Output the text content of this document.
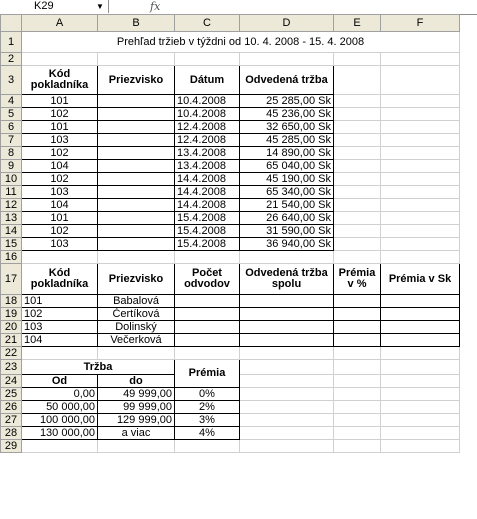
K29	▼	fx
	A	B	C	D	E	F
1	Prehľad tržieb v týždni od 10. 4. 2008 - 15. 4. 2008					
2						
3	Kód pokladníka	Priezvisko	Dátum	Odvedená tržba		
4	101		10.4.2008	25 285,00 Sk		
5	102		10.4.2008	45 236,00 Sk		
6	101		12.4.2008	32 650,00 Sk		
7	103		12.4.2008	45 285,00 Sk		
8	102		13.4.2008	14 890,00 Sk		
9	104		13.4.2008	65 040,00 Sk		
10	102		14.4.2008	45 190,00 Sk		
11	103		14.4.2008	65 340,00 Sk		
12	104		14.4.2008	21 540,00 Sk		
13	101		15.4.2008	26 640,00 Sk		
14	102		15.4.2008	31 590,00 Sk		
15	103		15.4.2008	36 940,00 Sk		
16						
17	Kód pokladníka	Priezvisko	Počet odvodov	Odvedená tržba spolu	Prémia v %	Prémia v Sk
18	101	Babalová				
19	102	Čertíková				
20	103	Dolinský				
21	104	Večerková				
22						
23	Tržba		Prémia			
24	Od	do				
25	0,00	49 999,00	0%			
26	50 000,00	99 999,00	2%			
27	100 000,00	129 999,00	3%			
28	130 000,00	a viac	4%			
29						
